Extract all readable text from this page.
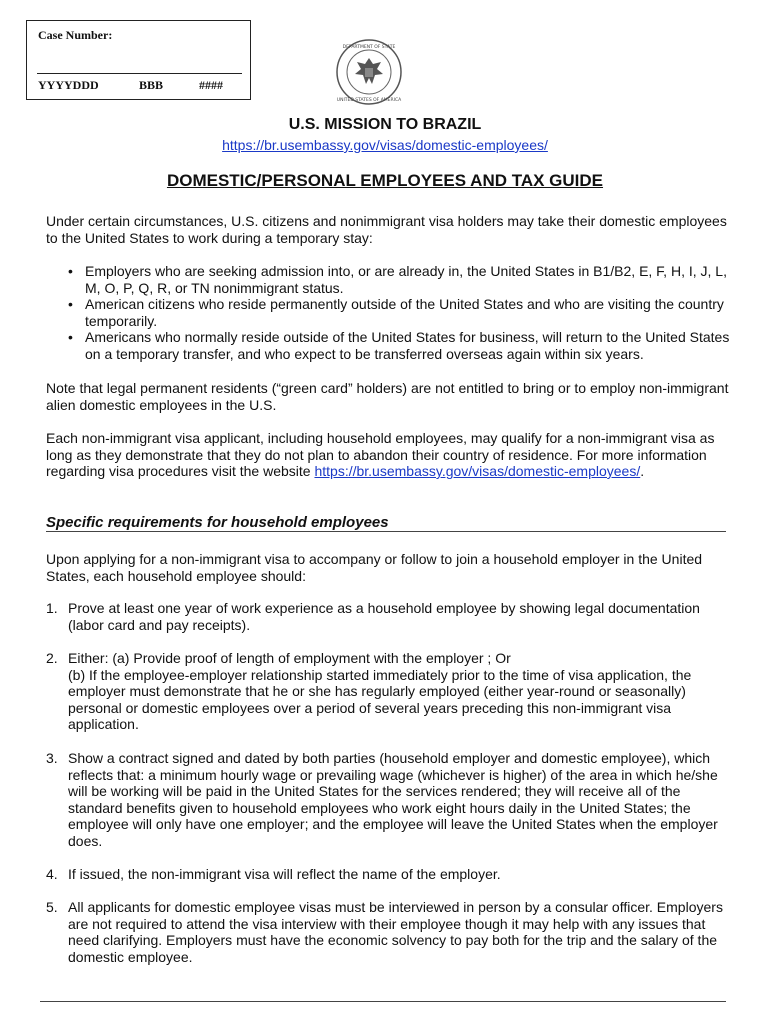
Case Number:
YYYYDDD	BBB	####
DEPARTMENT OF STATE
UNITED STATES OF AMERICA
U.S. MISSION TO BRAZIL
https://br.usembassy.gov/visas/domestic-employees/
DOMESTIC/PERSONAL EMPLOYEES AND TAX GUIDE

Under certain circumstances, U.S. citizens and nonimmigrant visa holders may take their domestic employees to the United States to work during a temporary stay:

• Employers who are seeking admission into, or are already in, the United States in B1/B2, E, F, H, I, J, L, M, O, P, Q, R, or TN nonimmigrant status.
• American citizens who reside permanently outside of the United States and who are visiting the country temporarily.
• Americans who normally reside outside of the United States for business, will return to the United States on a temporary transfer, and who expect to be transferred overseas again within six years.

Note that legal permanent residents (“green card” holders) are not entitled to bring or to employ non-immigrant alien domestic employees in the U.S.

Each non-immigrant visa applicant, including household employees, may qualify for a non-immigrant visa as long as they demonstrate that they do not plan to abandon their country of residence. For more information regarding visa procedures visit the website https://br.usembassy.gov/visas/domestic-employees/.

Specific requirements for household employees

Upon applying for a non-immigrant visa to accompany or follow to join a household employer in the United States, each household employee should:

1. Prove at least one year of work experience as a household employee by showing legal documentation (labor card and pay receipts).
2. Either: (a) Provide proof of length of employment with the employer ; Or
(b) If the employee-employer relationship started immediately prior to the time of visa application, the employer must demonstrate that he or she has regularly employed (either year-round or seasonally) personal or domestic employees over a period of several years preceding this non-immigrant visa application.
3. Show a contract signed and dated by both parties (household employer and domestic employee), which reflects that: a minimum hourly wage or prevailing wage (whichever is higher) of the area in which he/she will be working will be paid in the United States for the services rendered; they will receive all of the standard benefits given to household employees who work eight hours daily in the United States; the employee will only have one employer; and the employee will leave the United States when the employer does.
4. If issued, the non-immigrant visa will reflect the name of the employer.
5. All applicants for domestic employee visas must be interviewed in person by a consular officer. Employers are not required to attend the visa interview with their employee though it may help with any issues that need clarifying. Employers must have the economic solvency to pay both for the trip and the salary of the domestic employee.
